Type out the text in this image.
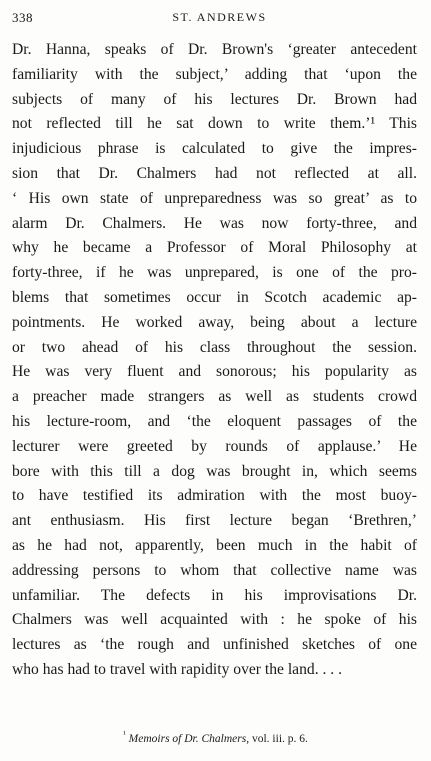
338	ST. ANDREWS
Dr. Hanna, speaks of Dr. Brown's ‘greater antecedent
familiarity with the subject,’ adding that ‘upon the
subjects of many of his lectures Dr. Brown had
not reflected till he sat down to write them.’¹ This
injudicious phrase is calculated to give the impres-
sion that Dr. Chalmers had not reflected at all.
‘ His own state of unpreparedness was so great’ as to
alarm Dr. Chalmers. He was now forty-three, and
why he became a Professor of Moral Philosophy at
forty-three, if he was unprepared, is one of the pro-
blems that sometimes occur in Scotch academic ap-
pointments. He worked away, being about a lecture
or two ahead of his class throughout the session.
He was very fluent and sonorous; his popularity as
a preacher made strangers as well as students crowd
his lecture-room, and ‘the eloquent passages of the
lecturer were greeted by rounds of applause.’ He
bore with this till a dog was brought in, which seems
to have testified its admiration with the most buoy-
ant enthusiasm. His first lecture began ‘Brethren,’
as he had not, apparently, been much in the habit of
addressing persons to whom that collective name was
unfamiliar. The defects in his improvisations Dr.
Chalmers was well acquainted with : he spoke of his
lectures as ‘the rough and unfinished sketches of one
who has had to travel with rapidity over the land. . . .
$^{^1}$ Memoirs of Dr. Chalmers, vol. iii. p. 6.
